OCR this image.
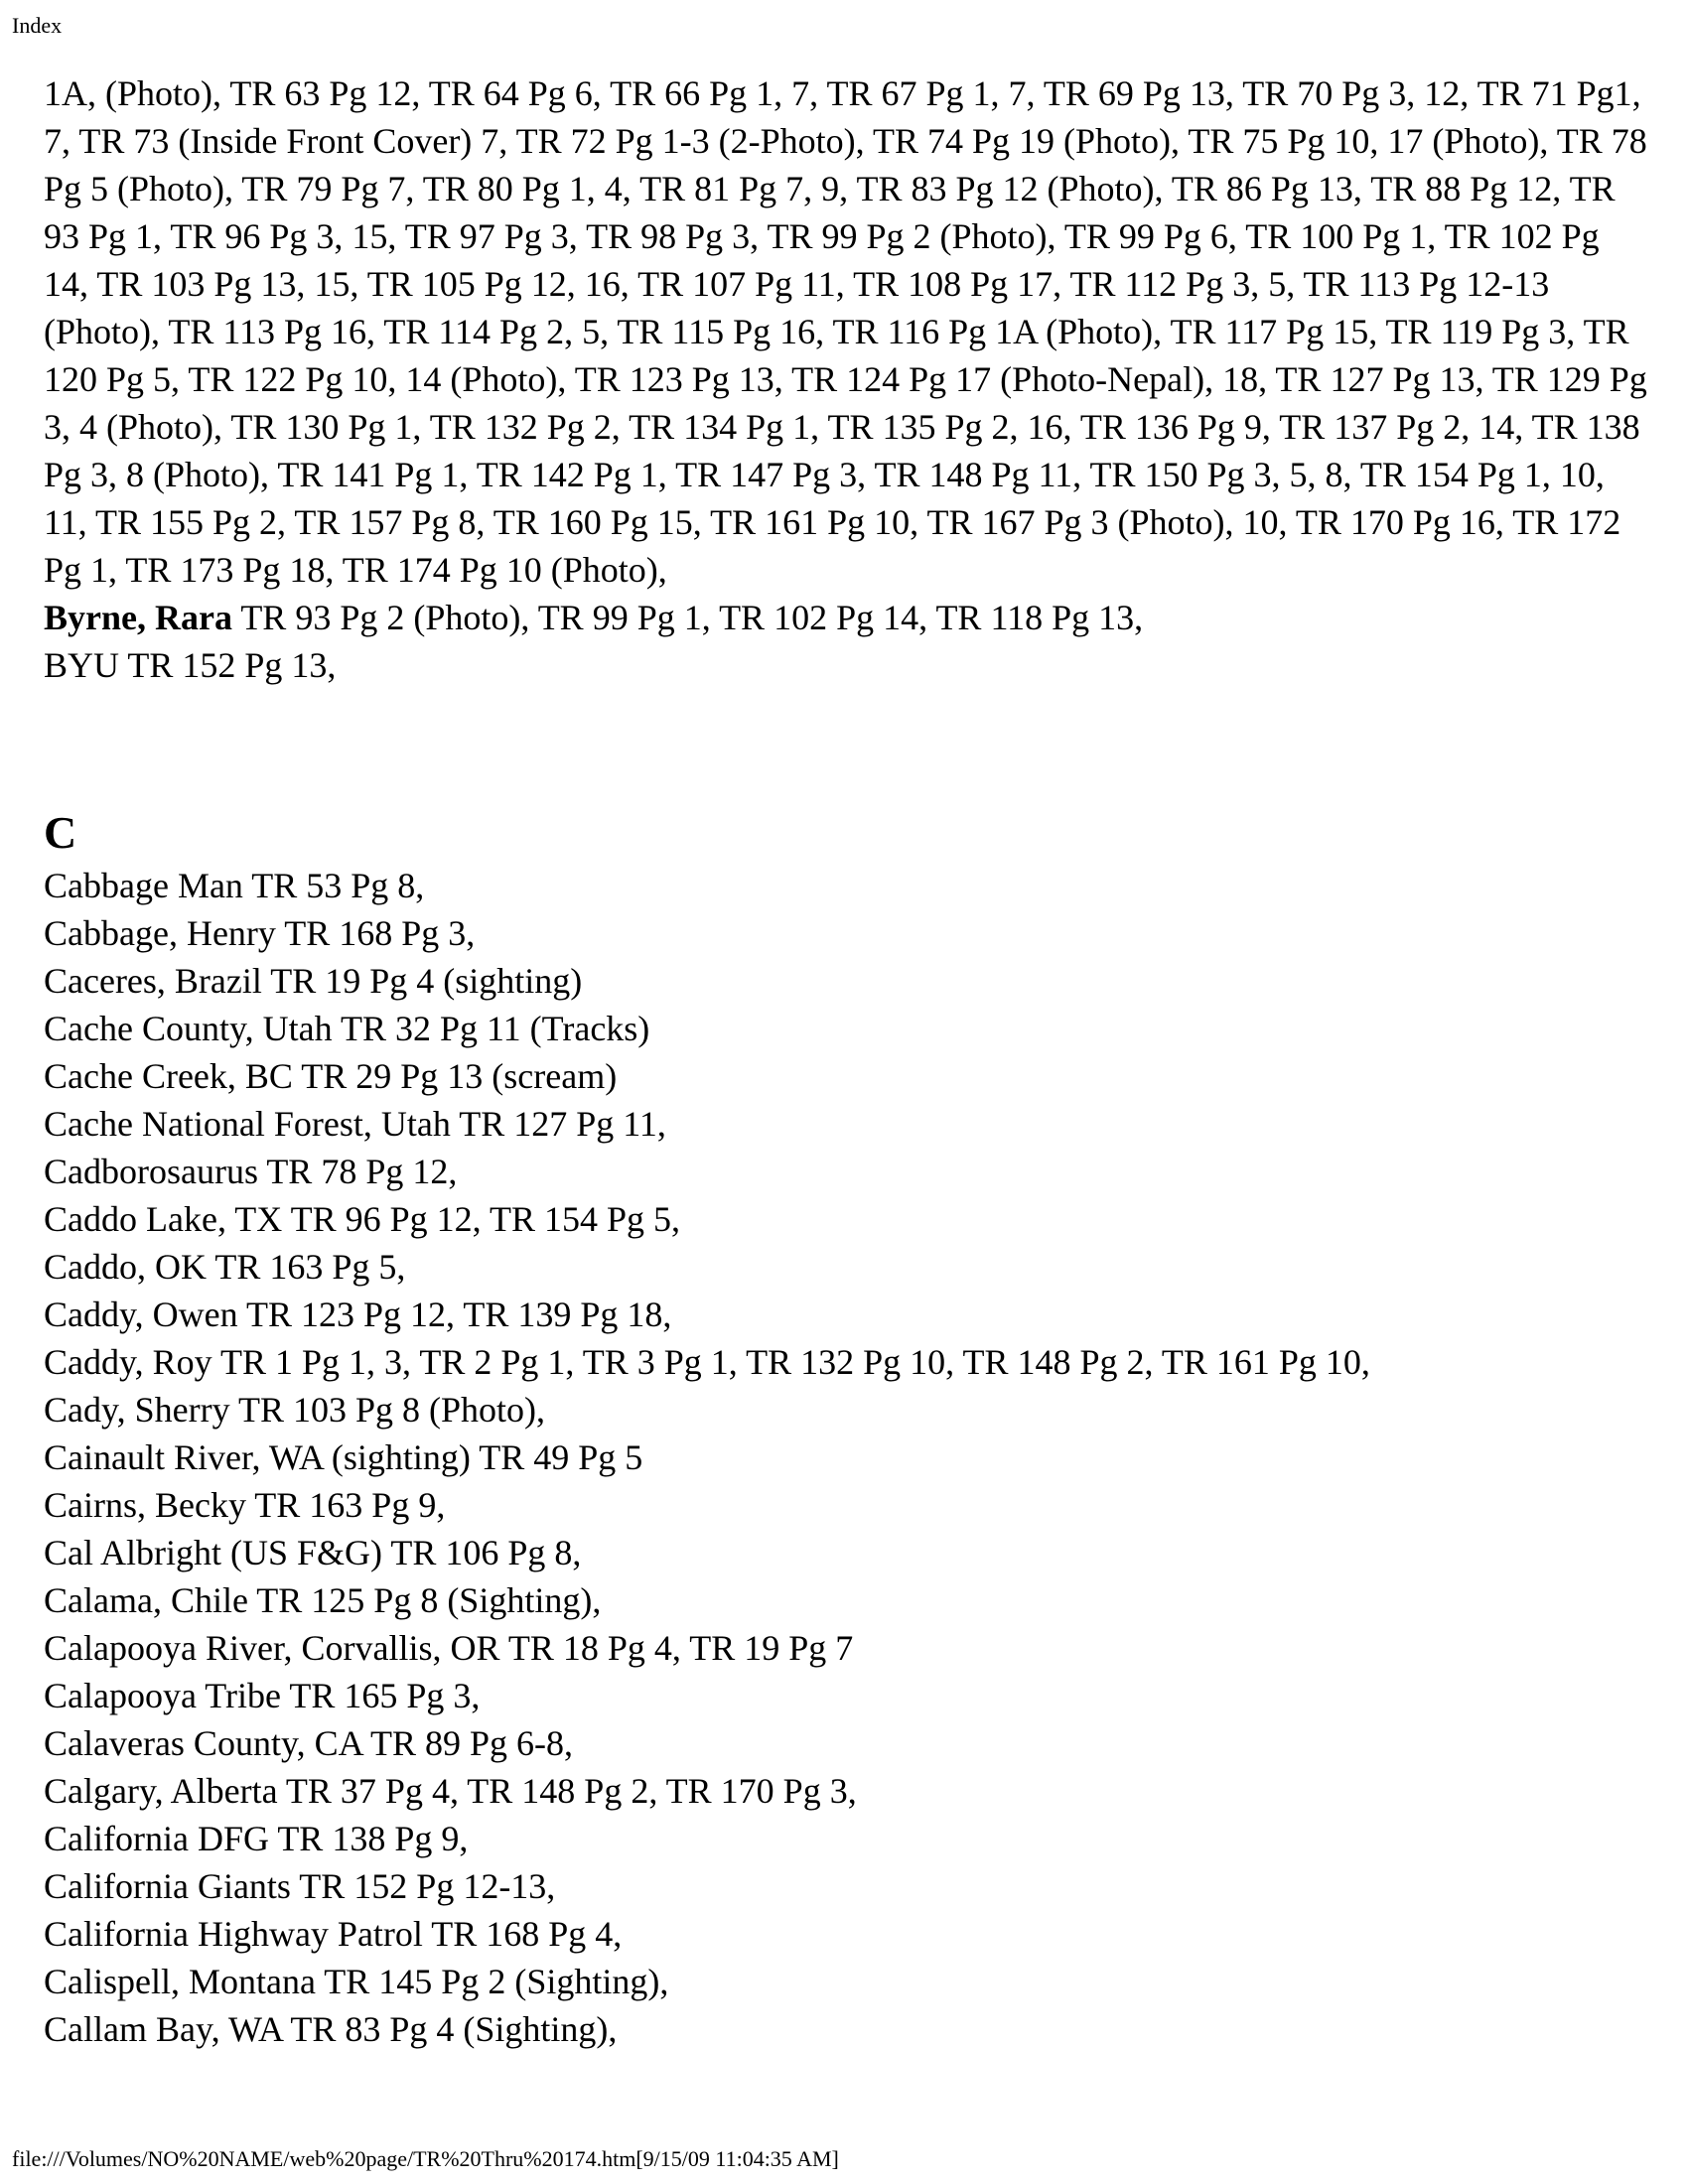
Index

1A, (Photo), TR 63 Pg 12, TR 64 Pg 6, TR 66 Pg 1, 7, TR 67 Pg 1, 7, TR 69 Pg 13, TR 70 Pg 3, 12, TR 71 Pg1, 7, TR 73 (Inside Front Cover) 7, TR 72 Pg 1-3 (2-Photo), TR 74 Pg 19 (Photo), TR 75 Pg 10, 17 (Photo), TR 78 Pg 5 (Photo), TR 79 Pg 7, TR 80 Pg 1, 4, TR 81 Pg 7, 9, TR 83 Pg 12 (Photo), TR 86 Pg 13, TR 88 Pg 12, TR 93 Pg 1, TR 96 Pg 3, 15, TR 97 Pg 3, TR 98 Pg 3, TR 99 Pg 2 (Photo), TR 99 Pg 6, TR 100 Pg 1, TR 102 Pg 14, TR 103 Pg 13, 15, TR 105 Pg 12, 16, TR 107 Pg 11, TR 108 Pg 17, TR 112 Pg 3, 5, TR 113 Pg 12-13 (Photo), TR 113 Pg 16, TR 114 Pg 2, 5, TR 115 Pg 16, TR 116 Pg 1A (Photo), TR 117 Pg 15, TR 119 Pg 3, TR 120 Pg 5, TR 122 Pg 10, 14 (Photo), TR 123 Pg 13, TR 124 Pg 17 (Photo-Nepal), 18, TR 127 Pg 13, TR 129 Pg 3, 4 (Photo), TR 130 Pg 1, TR 132 Pg 2, TR 134 Pg 1, TR 135 Pg 2, 16, TR 136 Pg 9, TR 137 Pg 2, 14, TR 138 Pg 3, 8 (Photo), TR 141 Pg 1, TR 142 Pg 1, TR 147 Pg 3, TR 148 Pg 11, TR 150 Pg 3, 5, 8, TR 154 Pg 1, 10, 11, TR 155 Pg 2, TR 157 Pg 8, TR 160 Pg 15, TR 161 Pg 10, TR 167 Pg 3 (Photo), 10, TR 170 Pg 16, TR 172 Pg 1, TR 173 Pg 18, TR 174 Pg 10 (Photo),

Byrne, Rara TR 93 Pg 2 (Photo), TR 99 Pg 1, TR 102 Pg 14, TR 118 Pg 13,

BYU TR 152 Pg 13,

C

Cabbage Man TR 53 Pg 8,

Cabbage, Henry TR 168 Pg 3,

Caceres, Brazil TR 19 Pg 4 (sighting)

Cache County, Utah TR 32 Pg 11 (Tracks)

Cache Creek, BC TR 29 Pg 13 (scream)

Cache National Forest, Utah TR 127 Pg 11,

Cadborosaurus TR 78 Pg 12,

Caddo Lake, TX TR 96 Pg 12, TR 154 Pg 5,

Caddo, OK TR 163 Pg 5,

Caddy, Owen TR 123 Pg 12, TR 139 Pg 18,

Caddy, Roy TR 1 Pg 1, 3, TR 2 Pg 1, TR 3 Pg 1, TR 132 Pg 10, TR 148 Pg 2, TR 161 Pg 10,

Cady, Sherry TR 103 Pg 8 (Photo),

Cainault River, WA (sighting) TR 49 Pg 5

Cairns, Becky TR 163 Pg 9,

Cal Albright (US F&G) TR 106 Pg 8,

Calama, Chile TR 125 Pg 8 (Sighting),

Calapooya River, Corvallis, OR TR 18 Pg 4, TR 19 Pg 7

Calapooya Tribe TR 165 Pg 3,

Calaveras County, CA TR 89 Pg 6-8,

Calgary, Alberta TR 37 Pg 4, TR 148 Pg 2, TR 170 Pg 3,

California DFG TR 138 Pg 9,

California Giants TR 152 Pg 12-13,

California Highway Patrol TR 168 Pg 4,

Calispell, Montana TR 145 Pg 2 (Sighting),

Callam Bay, WA TR 83 Pg 4 (Sighting),

file:///Volumes/NO%20NAME/web%20page/TR%20Thru%20174.htm[9/15/09 11:04:35 AM]
